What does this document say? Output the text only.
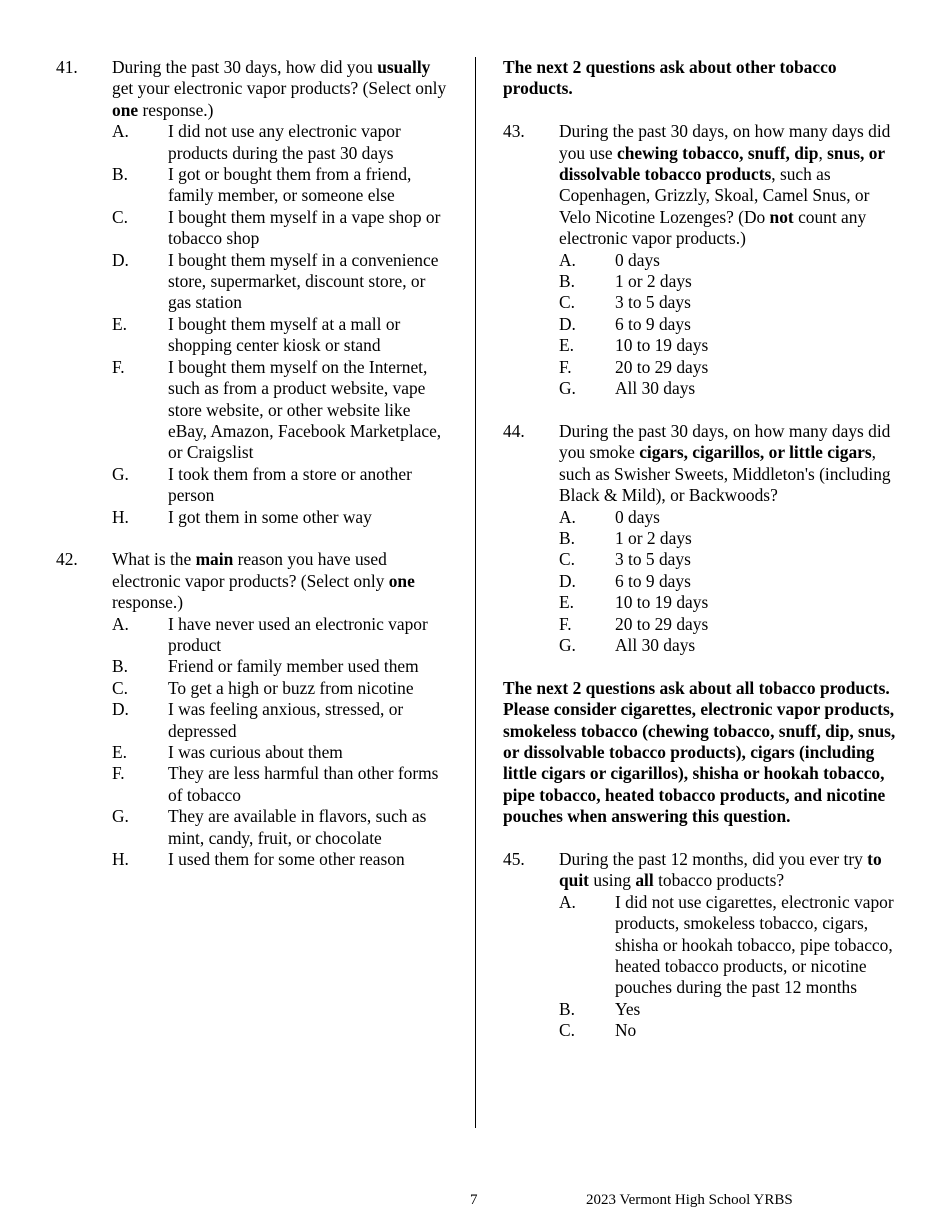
41. During the past 30 days, how did you usually get your electronic vapor products? (Select only one response.)
A. I did not use any electronic vapor products during the past 30 days
B. I got or bought them from a friend, family member, or someone else
C. I bought them myself in a vape shop or tobacco shop
D. I bought them myself in a convenience store, supermarket, discount store, or gas station
E. I bought them myself at a mall or shopping center kiosk or stand
F. I bought them myself on the Internet, such as from a product website, vape store website, or other website like eBay, Amazon, Facebook Marketplace, or Craigslist
G. I took them from a store or another person
H. I got them in some other way
42. What is the main reason you have used electronic vapor products? (Select only one response.)
A. I have never used an electronic vapor product
B. Friend or family member used them
C. To get a high or buzz from nicotine
D. I was feeling anxious, stressed, or depressed
E. I was curious about them
F. They are less harmful than other forms of tobacco
G. They are available in flavors, such as mint, candy, fruit, or chocolate
H. I used them for some other reason
The next 2 questions ask about other tobacco products.
43. During the past 30 days, on how many days did you use chewing tobacco, snuff, dip, snus, or dissolvable tobacco products, such as Copenhagen, Grizzly, Skoal, Camel Snus, or Velo Nicotine Lozenges? (Do not count any electronic vapor products.)
A. 0 days
B. 1 or 2 days
C. 3 to 5 days
D. 6 to 9 days
E. 10 to 19 days
F. 20 to 29 days
G. All 30 days
44. During the past 30 days, on how many days did you smoke cigars, cigarillos, or little cigars, such as Swisher Sweets, Middleton's (including Black & Mild), or Backwoods?
A. 0 days
B. 1 or 2 days
C. 3 to 5 days
D. 6 to 9 days
E. 10 to 19 days
F. 20 to 29 days
G. All 30 days
The next 2 questions ask about all tobacco products. Please consider cigarettes, electronic vapor products, smokeless tobacco (chewing tobacco, snuff, dip, snus, or dissolvable tobacco products), cigars (including little cigars or cigarillos), shisha or hookah tobacco, pipe tobacco, heated tobacco products, and nicotine pouches when answering this question.
45. During the past 12 months, did you ever try to quit using all tobacco products?
A. I did not use cigarettes, electronic vapor products, smokeless tobacco, cigars, shisha or hookah tobacco, pipe tobacco, heated tobacco products, or nicotine pouches during the past 12 months
B. Yes
C. No
7	2023 Vermont High School YRBS
